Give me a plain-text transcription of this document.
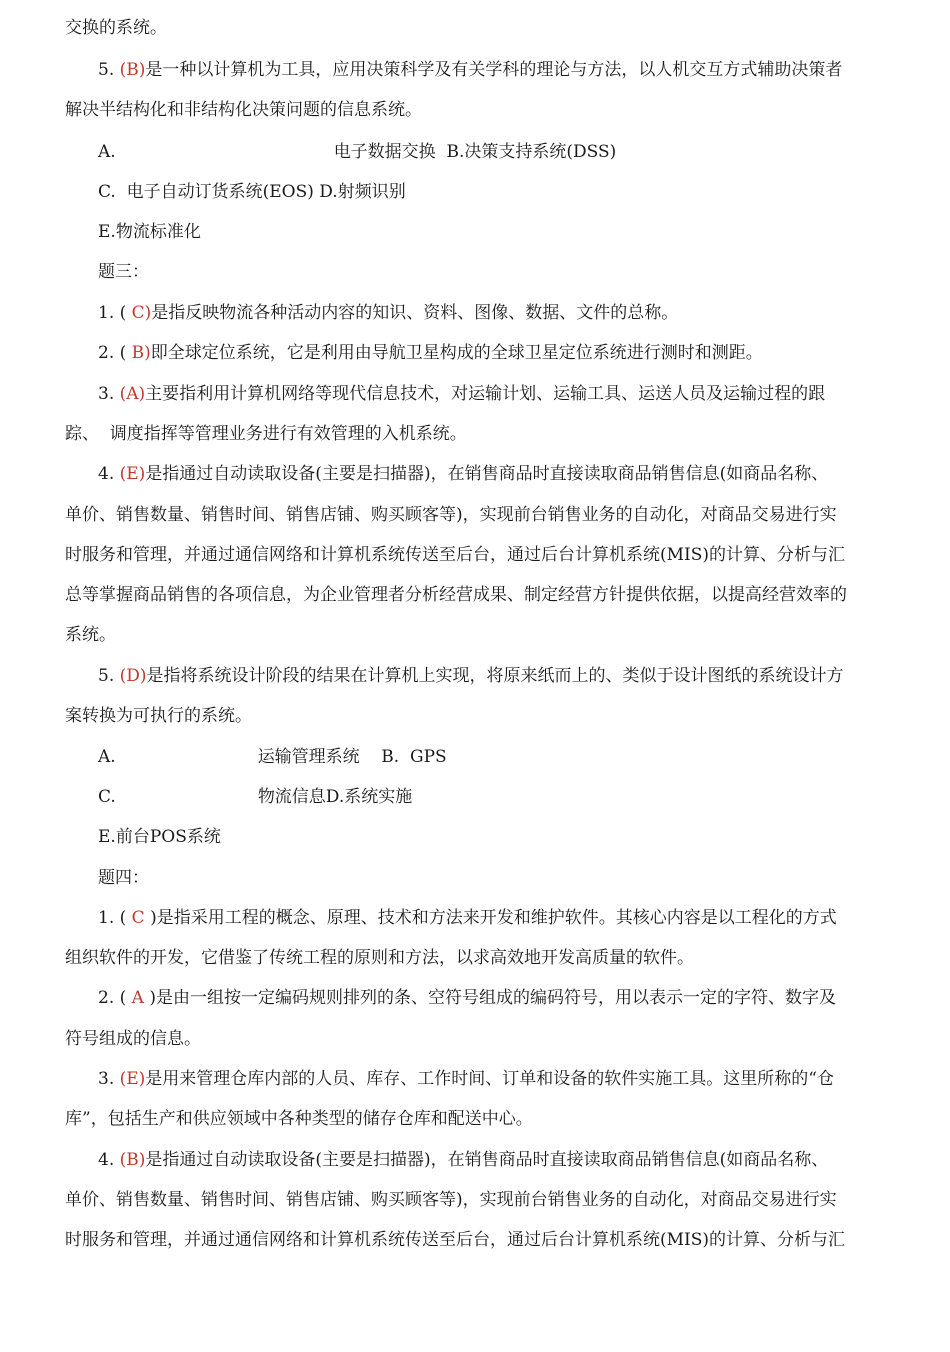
交换的系统。
5. (B)是一种以计算机为工具，应用决策科学及有关学科的理论与方法，以人机交互方式辅助决策者
解决半结构化和非结构化决策问题的信息系统。
A.	电子数据交换  B.决策支持系统(DSS)
C.  电子自动订货系统(EOS) D.射频识别
E.物流标准化
题三：
1. ( C)是指反映物流各种活动内容的知识、资料、图像、数据、文件的总称。
2. ( B)即全球定位系统，它是利用由导航卫星构成的全球卫星定位系统进行测时和测距。
3. (A)主要指利用计算机网络等现代信息技术，对运输计划、运输工具、运送人员及运输过程的跟
踪、  调度指挥等管理业务进行有效管理的入机系统。
4. (E)是指通过自动读取设备(主要是扫描器)，在销售商品时直接读取商品销售信息(如商品名称、
单价、销售数量、销售时间、销售店铺、购买顾客等)，实现前台销售业务的自动化，对商品交易进行实
时服务和管理，并通过通信网络和计算机系统传送至后台，通过后台计算机系统(MIS)的计算、分析与汇
总等掌握商品销售的各项信息，为企业管理者分析经营成果、制定经营方针提供依据，以提高经营效率的
系统。
5. (D)是指将系统设计阶段的结果在计算机上实现，将原来纸而上的、类似于设计图纸的系统设计方
案转换为可执行的系统。
A.	运输管理系统    B.  GPS
C.	物流信息D.系统实施
E.前台POS系统
题四：
1. ( C )是指采用工程的概念、原理、技术和方法来开发和维护软件。其核心内容是以工程化的方式
组织软件的开发，它借鉴了传统工程的原则和方法，以求高效地开发高质量的软件。
2. ( A )是由一组按一定编码规则排列的条、空符号组成的编码符号，用以表示一定的字符、数字及
符号组成的信息。
3. (E)是用来管理仓库内部的人员、库存、工作时间、订单和设备的软件实施工具。这里所称的“仓
库”，包括生产和供应领域中各种类型的储存仓库和配送中心。
4. (B)是指通过自动读取设备(主要是扫描器)，在销售商品时直接读取商品销售信息(如商品名称、
单价、销售数量、销售时间、销售店铺、购买顾客等)，实现前台销售业务的自动化，对商品交易进行实
时服务和管理，并通过通信网络和计算机系统传送至后台，通过后台计算机系统(MIS)的计算、分析与汇
